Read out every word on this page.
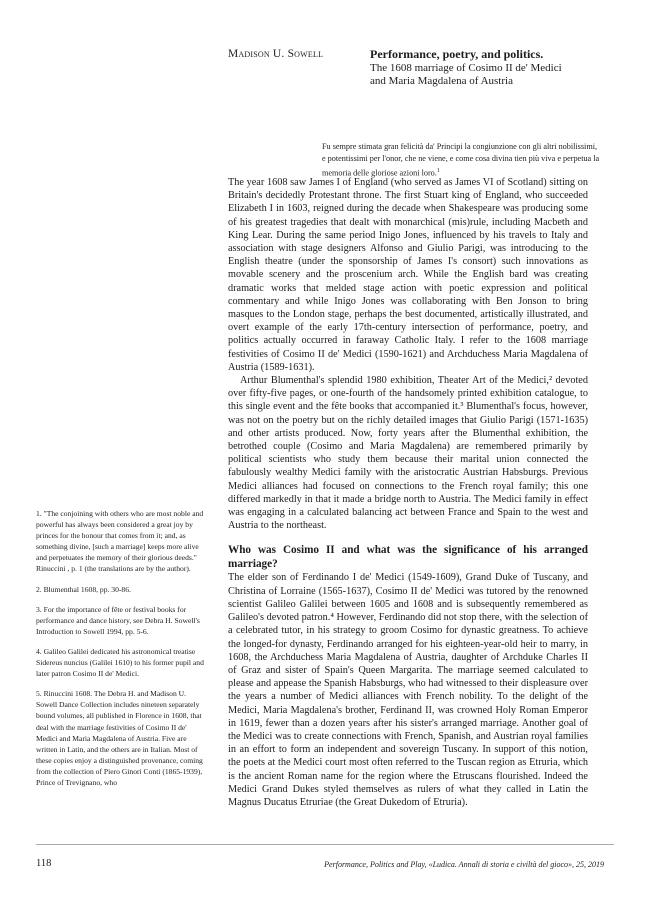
Madison U. Sowell	Performance, poetry, and politics.
The 1608 marriage of Cosimo II de' Medici
and Maria Magdalena of Austria
Fu sempre stimata gran felicità da' Principi la congiunzione con gli altri nobilissimi, e potentissimi per l'onor, che ne viene, e come cosa divina tien più viva e perpetua la memoria delle gloriose azioni loro.$^1$

The year 1608 saw James I of England (who served as James VI of Scotland) sitting on Britain's decidedly Protestant throne. The first Stuart king of England, who succeeded Elizabeth I in 1603, reigned during the decade when Shakespeare was producing some of his greatest tragedies that dealt with monarchical (mis)rule, including Macbeth and King Lear. During the same period Inigo Jones, influenced by his travels to Italy and association with stage designers Alfonso and Giulio Parigi, was introducing to the English theatre (under the sponsorship of James I's consort) such innovations as movable scenery and the proscenium arch. While the English bard was creating dramatic works that melded stage action with poetic expression and political commentary and while Inigo Jones was collaborating with Ben Jonson to bring masques to the London stage, perhaps the best documented, artistically illustrated, and overt example of the early 17th-century intersection of performance, poetry, and politics actually occurred in faraway Catholic Italy. I refer to the 1608 marriage festivities of Cosimo II de' Medici (1590-1621) and Archduchess Maria Magdalena of Austria (1589-1631).

Arthur Blumenthal's splendid 1980 exhibition, Theater Art of the Medici,² devoted over fifty-five pages, or one-fourth of the handsomely printed exhibition catalogue, to this single event and the fête books that accompanied it.³ Blumenthal's focus, however, was not on the poetry but on the richly detailed images that Giulio Parigi (1571-1635) and other artists produced. Now, forty years after the Blumenthal exhibition, the betrothed couple (Cosimo and Maria Magdalena) are remembered primarily by political scientists who study them because their marital union connected the fabulously wealthy Medici family with the aristocratic Austrian Habsburgs. Previous Medici alliances had focused on connections to the French royal family; this one differed markedly in that it made a bridge north to Austria. The Medici family in effect was engaging in a calculated balancing act between France and Spain to the west and Austria to the northeast.

Who was Cosimo II and what was the significance of his arranged marriage?

The elder son of Ferdinando I de' Medici (1549-1609), Grand Duke of Tuscany, and Christina of Lorraine (1565-1637), Cosimo II de' Medici was tutored by the renowned scientist Galileo Galilei between 1605 and 1608 and is subsequently remembered as Galileo's devoted patron.⁴ However, Ferdinando did not stop there, with the selection of a celebrated tutor, in his strategy to groom Cosimo for dynastic greatness. To achieve the longed-for dynasty, Ferdinando arranged for his eighteen-year-old heir to marry, in 1608, the Archduchess Maria Magdalena of Austria, daughter of Archduke Charles II of Graz and sister of Spain's Queen Margarita. The marriage seemed calculated to please and appease the Spanish Habsburgs, who had witnessed to their displeasure over the years a number of Medici alliances with French nobility. To the delight of the Medici, Maria Magdalena's brother, Ferdinand II, was crowned Holy Roman Emperor in 1619, fewer than a dozen years after his sister's arranged marriage. Another goal of the Medici was to create connections with French, Spanish, and Austrian royal families in an effort to form an independent and sovereign Tuscany. In support of this notion, the poets at the Medici court most often referred to the Tuscan region as Etruria, which is the ancient Roman name for the region where the Etruscans flourished. Indeed the Medici Grand Dukes styled themselves as rulers of what they called in Latin the Magnus Ducatus Etruriae (the Great Dukedom of Etruria).

1. "The conjoining with others who are most noble and powerful has always been considered a great joy by princes for the honour that comes from it; and, as something divine, [such a marriage] keeps more alive and perpetuates the memory of their glorious deeds." Rinuccini , p. 1 (the translations are by the author).
2. Blumenthal 1608, pp. 30-86.
3. For the importance of fête or festival books for performance and dance history, see Debra H. Sowell's Introduction to Sowell 1994, pp. 5-6.
4. Galileo Galilei dedicated his astronomical treatise Sidereus nuncius (Galilei 1610) to his former pupil and later patron Cosimo II de' Medici.
5. Rinuccini 1608. The Debra H. and Madison U. Sowell Dance Collection includes nineteen separately bound volumes, all published in Florence in 1608, that deal with the marriage festivities of Cosimo II de' Medici and Maria Magdalena of Austria. Five are written in Latin, and the others are in Italian. Most of these copies enjoy a distinguished provenance, coming from the collection of Piero Ginori Conti (1865-1939), Prince of Trevignano, who
118	Performance, Politics and Play, «Ludica. Annali di storia e civiltà del gioco», 25, 2019
